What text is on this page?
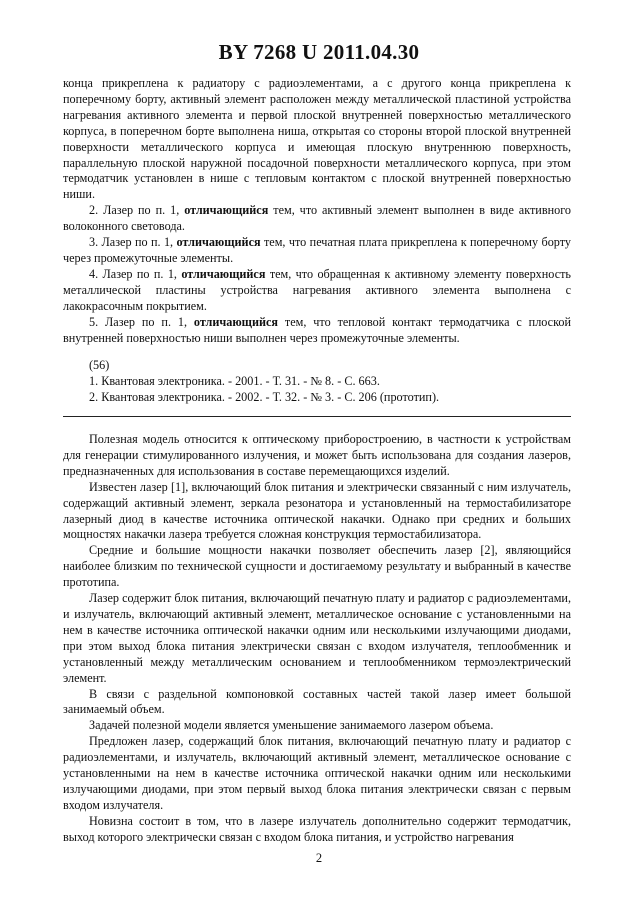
BY 7268 U 2011.04.30

конца прикреплена к радиатору с радиоэлементами, а с другого конца прикреплена к поперечному борту, активный элемент расположен между металлической пластиной устройства нагревания активного элемента и первой плоской внутренней поверхностью металлического корпуса, в поперечном борте выполнена ниша, открытая со стороны второй плоской внутренней поверхности металлического корпуса и имеющая плоскую внутреннюю поверхность, параллельную плоской наружной посадочной поверхности металлического корпуса, при этом термодатчик установлен в нише с тепловым контактом с плоской внутренней поверхностью ниши.

2. Лазер по п. 1, отличающийся тем, что активный элемент выполнен в виде активного волоконного световода.

3. Лазер по п. 1, отличающийся тем, что печатная плата прикреплена к поперечному борту через промежуточные элементы.

4. Лазер по п. 1, отличающийся тем, что обращенная к активному элементу поверхность металлической пластины устройства нагревания активного элемента выполнена с лакокрасочным покрытием.

5. Лазер по п. 1, отличающийся тем, что тепловой контакт термодатчика с плоской внутренней поверхностью ниши выполнен через промежуточные элементы.

(56)

1. Квантовая электроника. - 2001. - Т. 31. - № 8. - С. 663.

2. Квантовая электроника. - 2002. - Т. 32. - № 3. - С. 206 (прототип).

Полезная модель относится к оптическому приборостроению, в частности к устройствам для генерации стимулированного излучения, и может быть использована для создания лазеров, предназначенных для использования в составе перемещающихся изделий.

Известен лазер [1], включающий блок питания и электрически связанный с ним излучатель, содержащий активный элемент, зеркала резонатора и установленный на термостабилизаторе лазерный диод в качестве источника оптической накачки. Однако при средних и больших мощностях накачки лазера требуется сложная конструкция термостабилизатора.

Средние и большие мощности накачки позволяет обеспечить лазер [2], являющийся наиболее близким по технической сущности и достигаемому результату и выбранный в качестве прототипа.

Лазер содержит блок питания, включающий печатную плату и радиатор с радиоэлементами, и излучатель, включающий активный элемент, металлическое основание с установленными на нем в качестве источника оптической накачки одним или несколькими излучающими диодами, при этом выход блока питания электрически связан с входом излучателя, теплообменник и установленный между металлическим основанием и теплообменником термоэлектрический элемент.

В связи с раздельной компоновкой составных частей такой лазер имеет большой занимаемый объем.

Задачей полезной модели является уменьшение занимаемого лазером объема.

Предложен лазер, содержащий блок питания, включающий печатную плату и радиатор с радиоэлементами, и излучатель, включающий активный элемент, металлическое основание с установленными на нем в качестве источника оптической накачки одним или несколькими излучающими диодами, при этом первый выход блока питания электрически связан с первым входом излучателя.

Новизна состоит в том, что в лазере излучатель дополнительно содержит термодатчик, выход которого электрически связан с входом блока питания, и устройство нагревания

2
